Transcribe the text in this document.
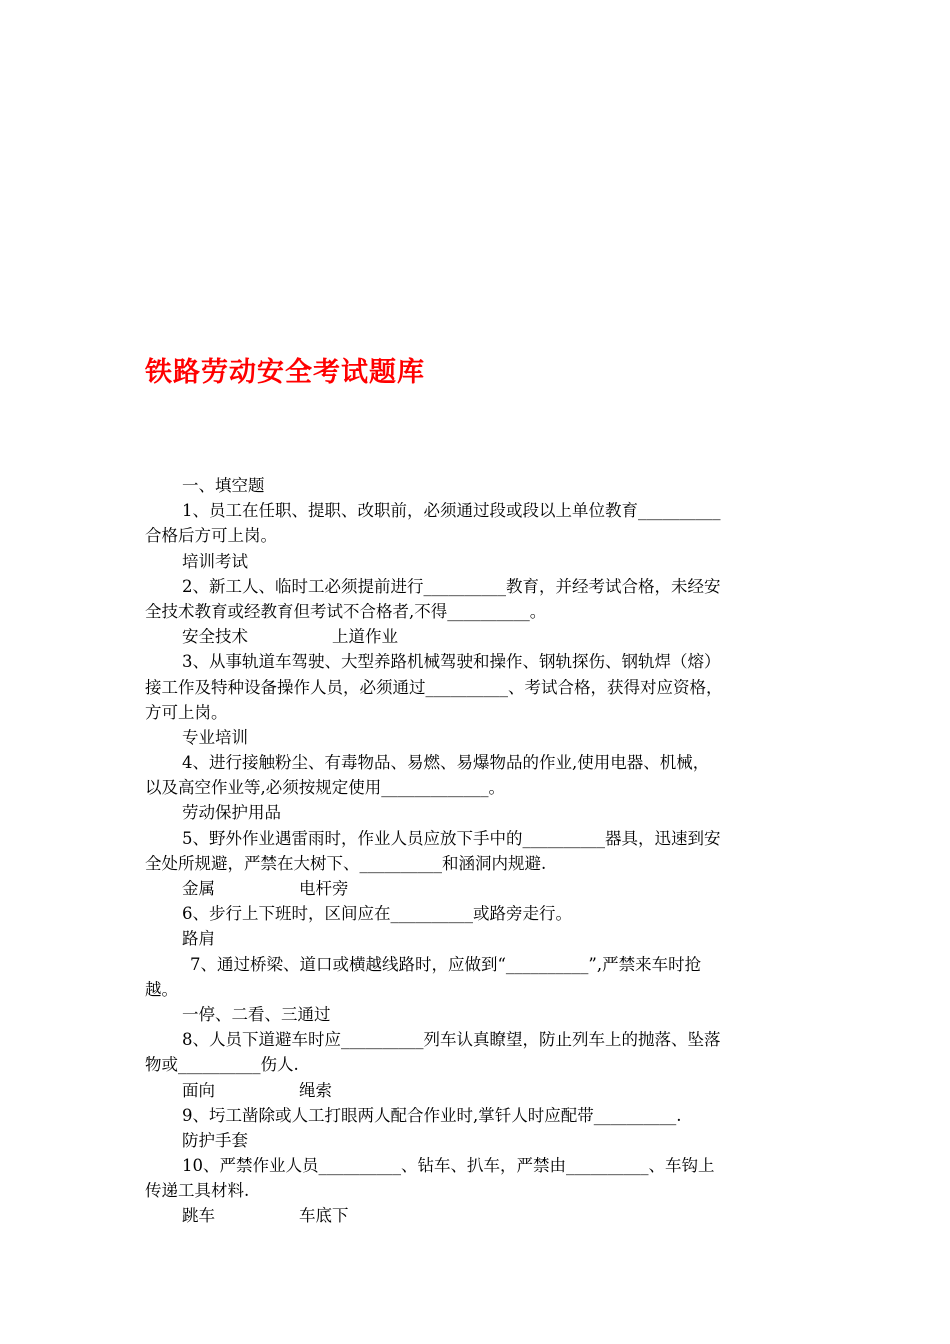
铁路劳动安全考试题库
一、填空题
1、员工在任职、提职、改职前，必须通过段或段以上单位教育__________
合格后方可上岗。
培训考试
2、新工人、临时工必须提前进行__________教育，并经考试合格，未经安
全技术教育或经教育但考试不合格者,不得__________。
安全技术	上道作业
3、从事轨道车驾驶、大型养路机械驾驶和操作、钢轨探伤、钢轨焊（熔）
接工作及特种设备操作人员，必须通过__________、考试合格，获得对应资格，
方可上岗。
专业培训
4、进行接触粉尘、有毒物品、易燃、易爆物品的作业,使用电器、机械，
以及高空作业等,必须按规定使用_____________。
劳动保护用品
5、野外作业遇雷雨时，作业人员应放下手中的__________器具，迅速到安
全处所规避，严禁在大树下、__________和涵洞内规避.
金属	电杆旁
6、步行上下班时，区间应在__________或路旁走行。
路肩
7、通过桥梁、道口或横越线路时，应做到“__________”,严禁来车时抢
越。
一停、二看、三通过
8、人员下道避车时应__________列车认真瞭望，防止列车上的抛落、坠落
物或__________伤人.
面向	绳索
9、圬工凿除或人工打眼两人配合作业时,掌钎人时应配带__________.
防护手套
10、严禁作业人员__________、钻车、扒车，严禁由__________、车钩上
传递工具材料.
跳车	车底下
